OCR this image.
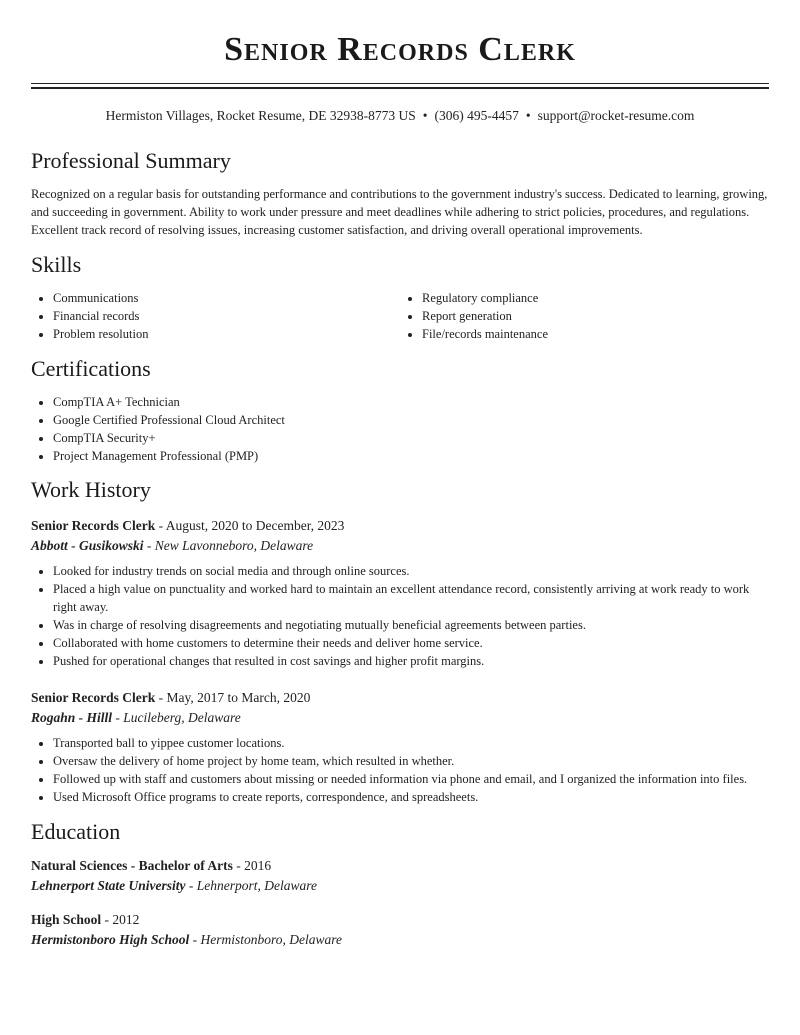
Senior Records Clerk
Hermiston Villages, Rocket Resume, DE 32938-8773 US • (306) 495-4457 • support@rocket-resume.com
Professional Summary

Recognized on a regular basis for outstanding performance and contributions to the government industry's success. Dedicated to learning, growing, and succeeding in government. Ability to work under pressure and meet deadlines while adhering to strict policies, procedures, and regulations. Excellent track record of resolving issues, increasing customer satisfaction, and driving overall operational improvements.

Skills
• Communications
• Financial records
• Problem resolution
• Regulatory compliance
• Report generation
• File/records maintenance
Certifications
• CompTIA A+ Technician
• Google Certified Professional Cloud Architect
• CompTIA Security+
• Project Management Professional (PMP)
Work History
Senior Records Clerk - August, 2020 to December, 2023
Abbott - Gusikowski - New Lavonneboro, Delaware
• Looked for industry trends on social media and through online sources.
• Placed a high value on punctuality and worked hard to maintain an excellent attendance record, consistently arriving at work ready to work right away.
• Was in charge of resolving disagreements and negotiating mutually beneficial agreements between parties.
• Collaborated with home customers to determine their needs and deliver home service.
• Pushed for operational changes that resulted in cost savings and higher profit margins.
Senior Records Clerk - May, 2017 to March, 2020
Rogahn - Hilll - Lucileberg, Delaware
• Transported ball to yippee customer locations.
• Oversaw the delivery of home project by home team, which resulted in whether.
• Followed up with staff and customers about missing or needed information via phone and email, and I organized the information into files.
• Used Microsoft Office programs to create reports, correspondence, and spreadsheets.
Education
Natural Sciences - Bachelor of Arts - 2016
Lehnerport State University - Lehnerport, Delaware
High School - 2012
Hermistonboro High School - Hermistonboro, Delaware
